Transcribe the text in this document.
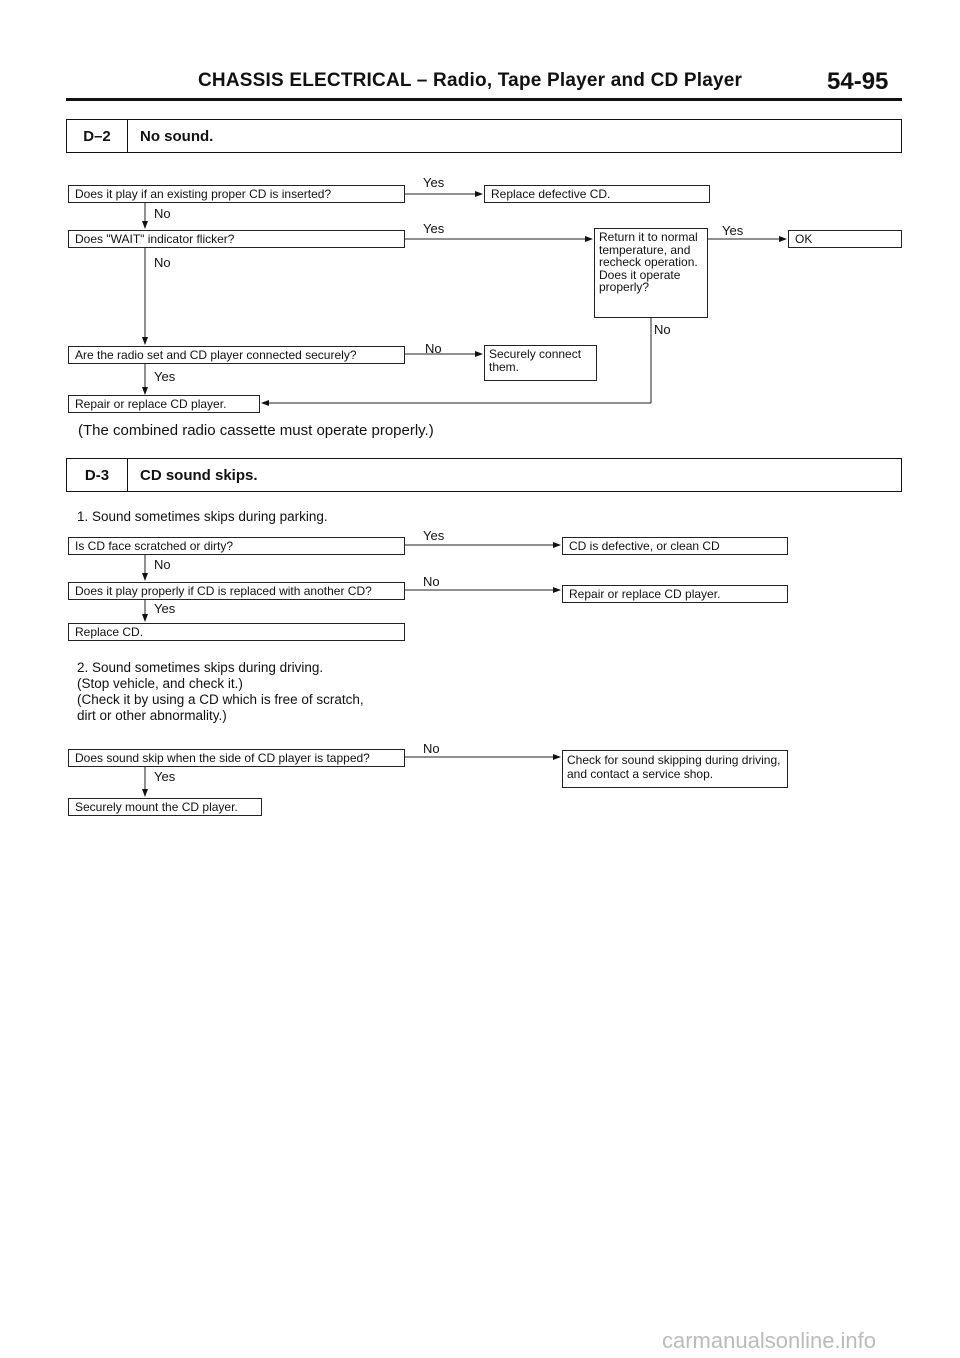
CHASSIS ELECTRICAL – Radio, Tape Player and CD Player	54-95
D–2	No sound.
Does it play if an existing proper CD is inserted?
Yes
Replace defective CD.
No
Does "WAIT" indicator flicker?
Yes
Return it to normal temperature, and recheck operation. Does it operate properly?
Yes
OK
No
No
Are the radio set and CD player connected securely?	No	Securely connect them.
Yes
Repair or replace CD player.
(The combined radio cassette must operate properly.)
D-3	CD sound skips.
1. Sound sometimes skips during parking.
Is CD face scratched or dirty?
Yes
CD is defective, or clean CD
No
Does it play properly if CD is replaced with another CD?
No
Repair or replace CD player.
Yes
Replace CD.
2. Sound sometimes skips during driving.
(Stop vehicle, and check it.)
(Check it by using a CD which is free of scratch,
dirt or other abnormality.)
Does sound skip when the side of CD player is tapped?
No
Check for sound skipping during driving, and contact a service shop.
Yes
Securely mount the CD player.
carmanualsonline.info
